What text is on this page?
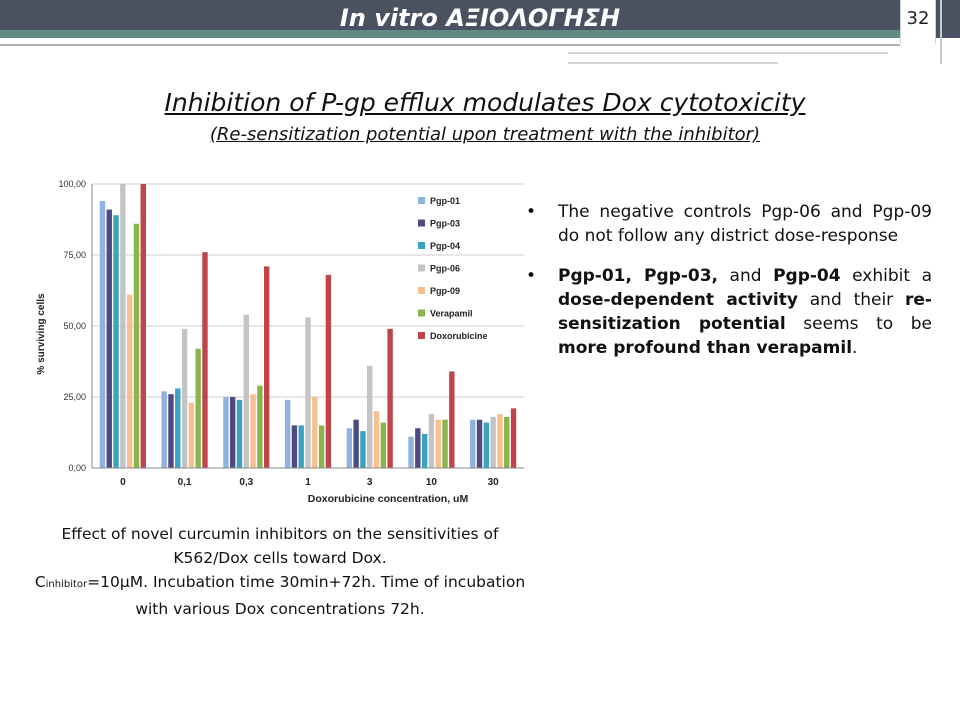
In vitro ΑΞΙΟΛΟΓΗΣΗ	32
Inhibition of P-gp efflux modulates Dox cytotoxicity
(Re-sensitization potential upon treatment with the inhibitor)
0,00
25,00
50,00
75,00
100,00
0	0,1	0,3	1	3	10	30
Pgp-01
Pgp-03
Pgp-04
Pgp-06
Pgp-09
Verapamil
Doxorubicine
% surviving cells
Doxorubicine concentration, uM
Effect of novel curcumin inhibitors on the sensitivities of K562/Dox cells toward Dox.
Cinhibitor=10μM. Incubation time 30min+72h. Time of incubation with various Dox concentrations 72h.
• The negative controls Pgp-06 and Pgp-09 do not follow any district dose-response
• Pgp-01, Pgp-03, and Pgp-04 exhibit a dose-dependent activity and their re-sensitization potential seems to be more profound than verapamil.
